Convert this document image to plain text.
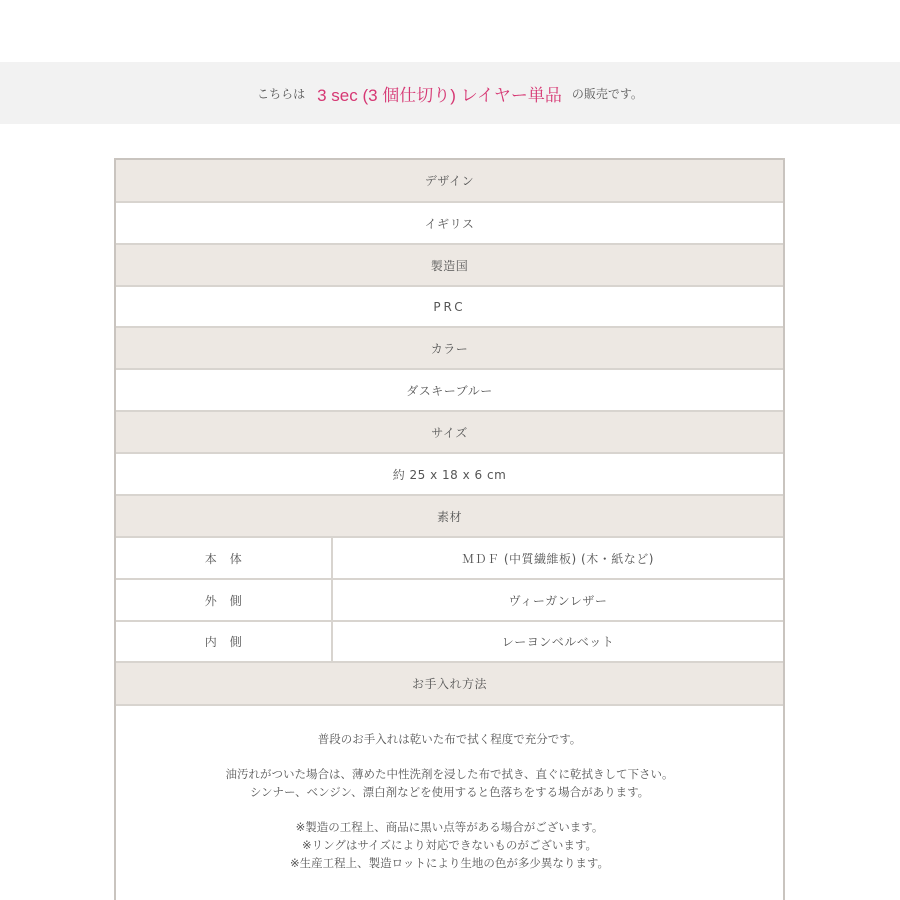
こちらは 3 sec (3 個仕切り) レイヤー単品 の販売です。
デザイン
イギリス
製造国
PRC
カラー
ダスキーブルー
サイズ
約 25 x 18 x 6 cm
素材
本　体	ＭＤＦ (中質繊維板) (木・紙など)
外　側	ヴィーガンレザー
内　側	レーヨンベルベット
お手入れ方法

普段のお手入れは乾いた布で拭く程度で充分です。

油汚れがついた場合は、薄めた中性洗剤を浸した布で拭き、直ぐに乾拭きして下さい。

シンナー、ベンジン、漂白剤などを使用すると色落ちをする場合があります。

※製造の工程上、商品に黒い点等がある場合がございます。

※リングはサイズにより対応できないものがございます。

※生産工程上、製造ロットにより生地の色が多少異なります。
